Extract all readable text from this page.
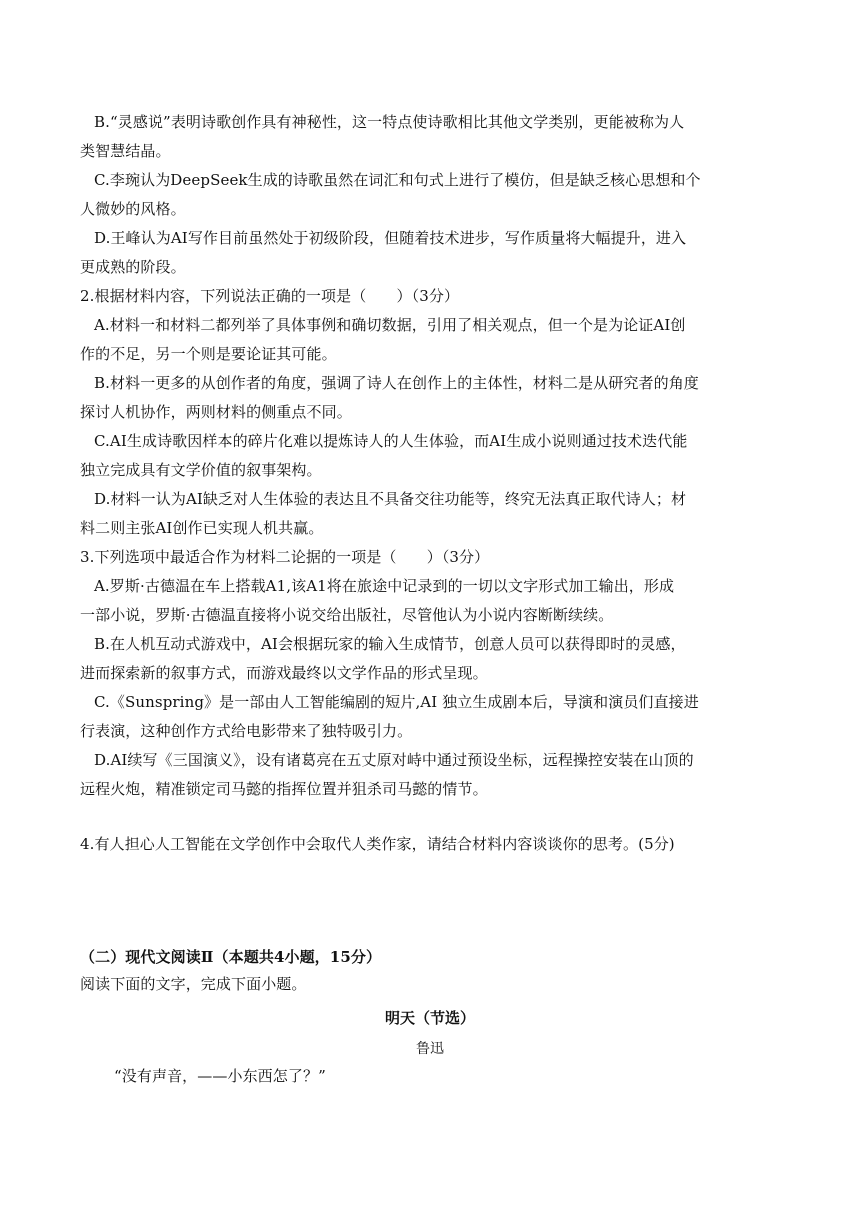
B.“灵感说”表明诗歌创作具有神秘性，这一特点使诗歌相比其他文学类别，更能被称为人
类智慧结晶。
C.李琬认为DeepSeek生成的诗歌虽然在词汇和句式上进行了模仿，但是缺乏核心思想和个
人微妙的风格。
D.王峰认为AI写作目前虽然处于初级阶段，但随着技术进步，写作质量将大幅提升，进入
更成熟的阶段。
2.根据材料内容，下列说法正确的一项是（　　）（3分）
A.材料一和材料二都列举了具体事例和确切数据，引用了相关观点，但一个是为论证AI创
作的不足，另一个则是要论证其可能。
B.材料一更多的从创作者的角度，强调了诗人在创作上的主体性，材料二是从研究者的角度
探讨人机协作，两则材料的侧重点不同。
C.AI生成诗歌因样本的碎片化难以提炼诗人的人生体验，而AI生成小说则通过技术迭代能
独立完成具有文学价值的叙事架构。
D.材料一认为AI缺乏对人生体验的表达且不具备交往功能等，终究无法真正取代诗人；材
料二则主张AI创作已实现人机共赢。
3.下列选项中最适合作为材料二论据的一项是（　　）（3分）
A.罗斯·古德温在车上搭载A1,该A1将在旅途中记录到的一切以文字形式加工输出，形成
一部小说，罗斯·古德温直接将小说交给出版社，尽管他认为小说内容断断续续。
B.在人机互动式游戏中，AI会根据玩家的输入生成情节，创意人员可以获得即时的灵感，
进而探索新的叙事方式，而游戏最终以文学作品的形式呈现。
C.《Sunspring》是一部由人工智能编剧的短片,AI 独立生成剧本后，导演和演员们直接进
行表演，这种创作方式给电影带来了独特吸引力。
D.AI续写《三国演义》，设有诸葛亮在五丈原对峙中通过预设坐标，远程操控安装在山顶的
远程火炮，精准锁定司马懿的指挥位置并狙杀司马懿的情节。
4.有人担心人工智能在文学创作中会取代人类作家，请结合材料内容谈谈你的思考。(5分)
（二）现代文阅读Ⅱ（本题共4小题，15分）
阅读下面的文字，完成下面小题。
明天（节选）
鲁迅
“没有声音，——小东西怎了？”
